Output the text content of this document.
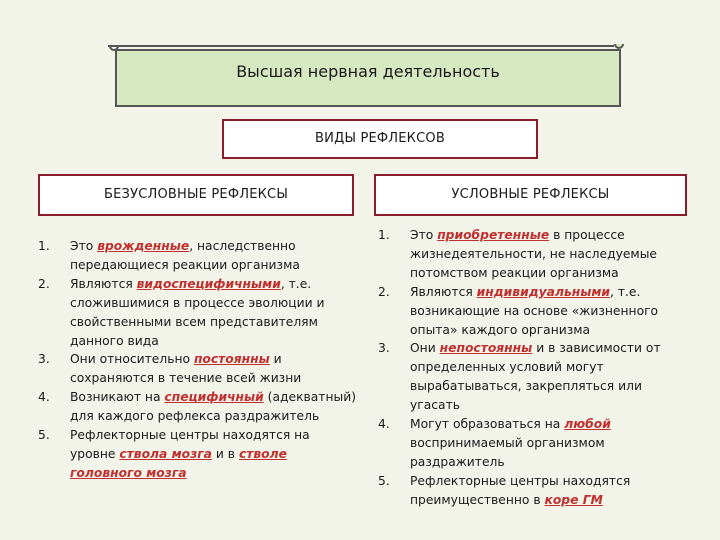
Высшая нервная деятельность
ВИДЫ РЕФЛЕКСОВ
БЕЗУСЛОВНЫЕ РЕФЛЕКСЫ	УСЛОВНЫЕ РЕФЛЕКСЫ
1.	Это врожденные, наследственно передающиеся реакции организма
2.	Являются видоспецифичными, т.е. сложившимися в процессе эволюции и свойственными всем представителям данного вида
3.	Они относительно постоянны и сохраняются в течение всей жизни
4.	Возникают на специфичный (адекватный) для каждого рефлекса раздражитель
5.	Рефлекторные центры находятся на уровне ствола мозга и в стволе головного мозга
1.	Это приобретенные в процессе жизнедеятельности, не наследуемые потомством реакции организма
2.	Являются индивидуальными, т.е. возникающие на основе «жизненного опыта» каждого организма
3.	Они непостоянны и в зависимости от определенных условий могут вырабатываться, закрепляться или угасать
4.	Могут образоваться на любой воспринимаемый организмом раздражитель
5.	Рефлекторные центры находятся преимущественно в коре ГМ
